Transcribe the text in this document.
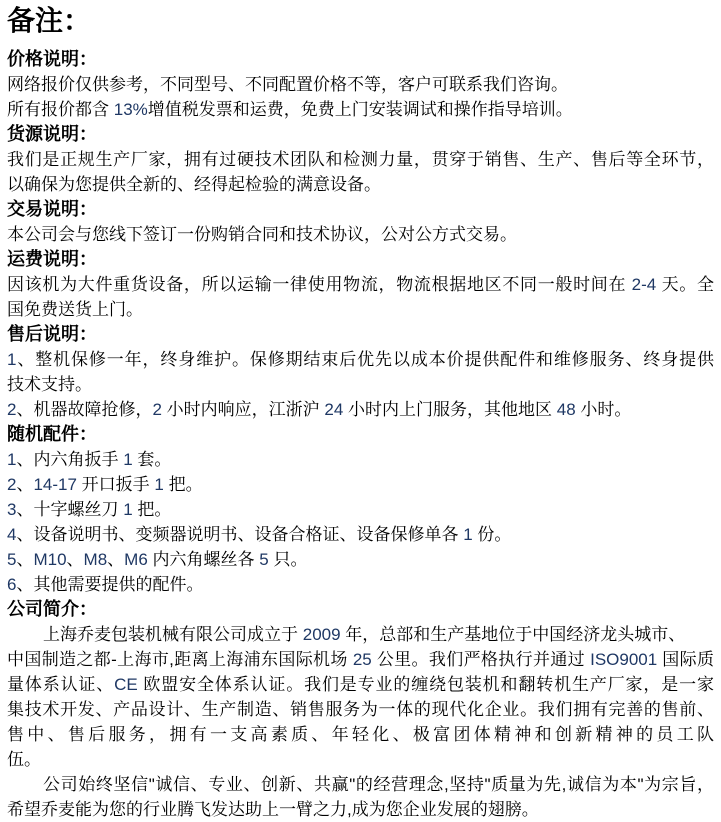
备注：
价格说明：
网络报价仅供参考，不同型号、不同配置价格不等，客户可联系我们咨询。
所有报价都含 13%增值税发票和运费，免费上门安装调试和操作指导培训。
货源说明：
我们是正规生产厂家，拥有过硬技术团队和检测力量，贯穿于销售、生产、售后等全环节，
以确保为您提供全新的、经得起检验的满意设备。
交易说明：
本公司会与您线下签订一份购销合同和技术协议，公对公方式交易。
运费说明：
因该机为大件重货设备，所以运输一律使用物流，物流根据地区不同一般时间在 2-4 天。全
国免费送货上门。
售后说明：
1、整机保修一年，终身维护。保修期结束后优先以成本价提供配件和维修服务、终身提供
技术支持。
2、机器故障抢修，2 小时内响应，江浙沪 24 小时内上门服务，其他地区 48 小时。
随机配件：
1、内六角扳手 1 套。
2、14-17 开口扳手 1 把。
3、十字螺丝刀 1 把。
4、设备说明书、变频器说明书、设备合格证、设备保修单各 1 份。
5、M10、M8、M6 内六角螺丝各 5 只。
6、其他需要提供的配件。
公司简介：
上海乔麦包装机械有限公司成立于 2009 年，总部和生产基地位于中国经济龙头城市、
中国制造之都-上海市,距离上海浦东国际机场 25 公里。我们严格执行并通过 ISO9001 国际质
量体系认证、CE 欧盟安全体系认证。我们是专业的缠绕包装机和翻转机生产厂家，是一家
集技术开发、产品设计、生产制造、销售服务为一体的现代化企业。我们拥有完善的售前、
售中、售后服务，拥有一支高素质、年轻化、极富团体精神和创新精神的员工队
伍。
公司始终坚信"诚信、专业、创新、共赢"的经营理念,坚持"质量为先,诚信为本"为宗旨，
希望乔麦能为您的行业腾飞发达助上一臂之力,成为您企业发展的翅膀。
